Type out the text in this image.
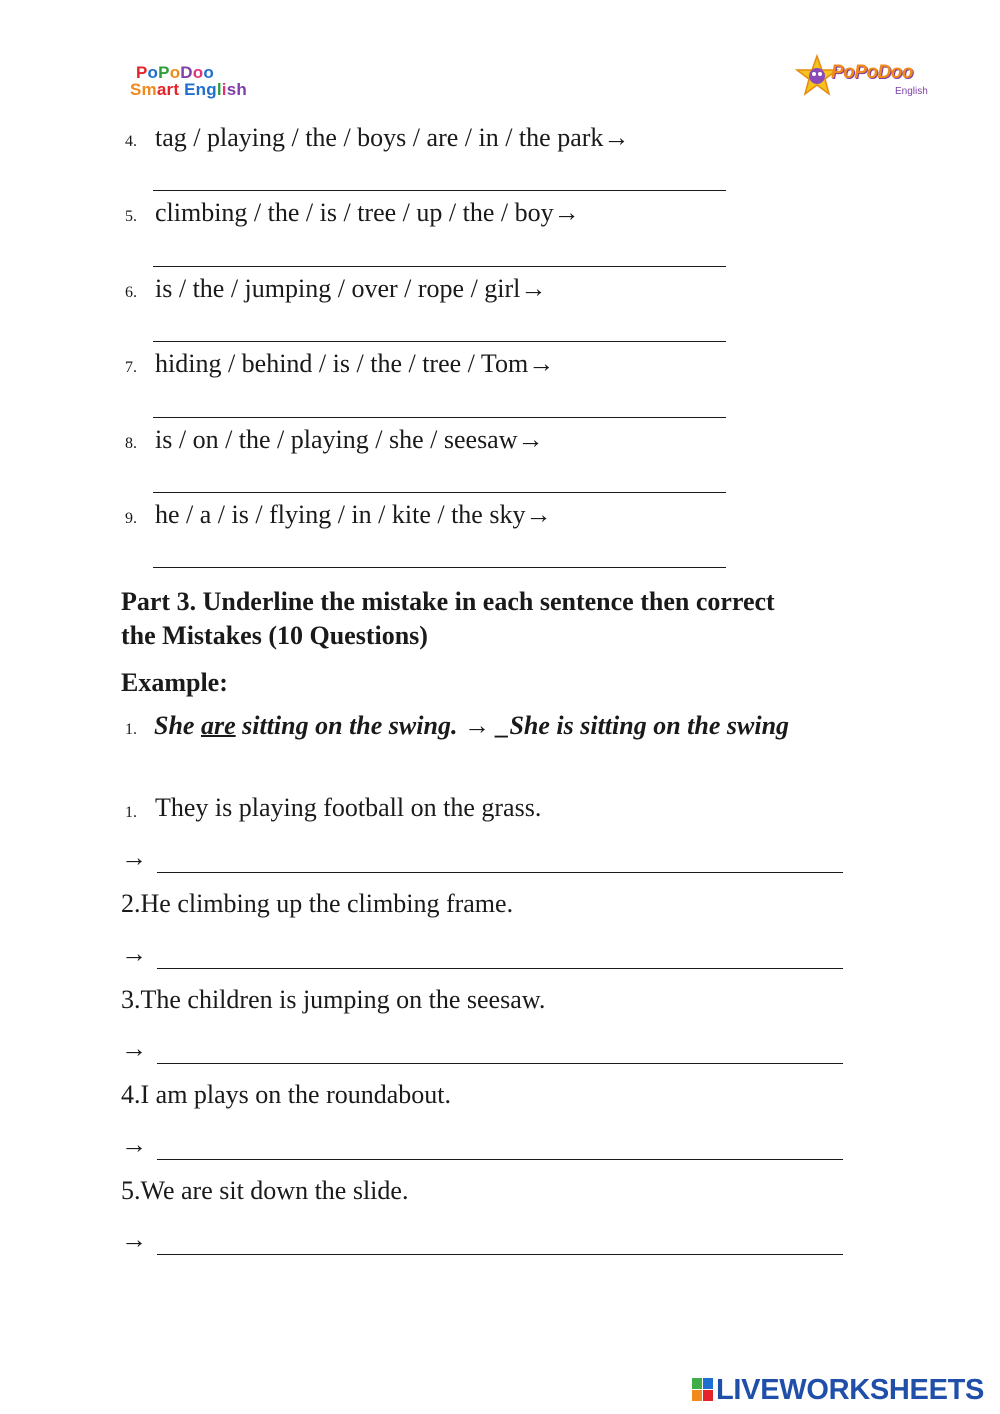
PoPoDoo
Smart English
PoPoDoo
English
4. tag / playing / the / boys / are / in / the park→
5. climbing / the / is / tree / up / the / boy→
6. is / the / jumping / over / rope / girl→
7. hiding / behind / is / the / tree / Tom→
8. is / on / the / playing / she / seesaw→
9. he / a / is / flying / in / kite / the sky→
Part 3. Underline the mistake in each sentence then correct
the Mistakes (10 Questions)
Example:
1. She are sitting on the swing. → _She is sitting on the swing
1. They is playing football on the grass.
→
2.He climbing up the climbing frame.
→
3.The children is jumping on the seesaw.
→
4.I am plays on the roundabout.
→
5.We are sit down the slide.
→
LIVEWORKSHEETS
